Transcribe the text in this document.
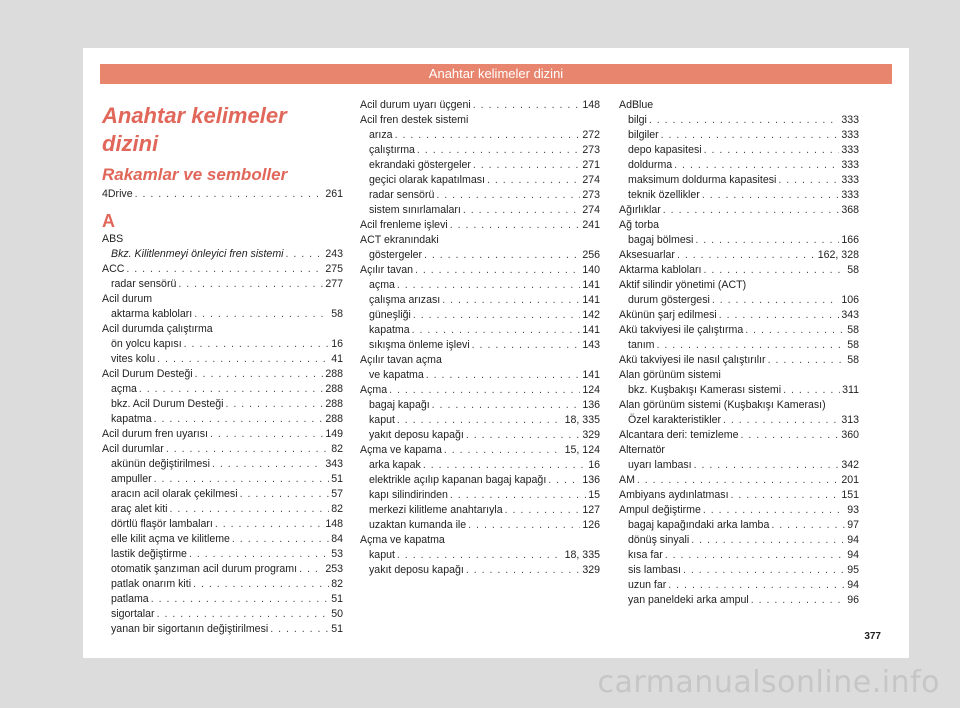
Anahtar kelimeler dizini
Anahtar kelimeler dizini
Rakamlar ve semboller
4Drive . . .	261
A
ABS
Bkz. Kilitlenmeyi önleyici fren sistemi . . .	243
ACC . . .	275
radar sensörü . . .	277
Acil durum
aktarma kabloları . . .	58
Acil durumda çalıştırma
ön yolcu kapısı . . .	16
vites kolu . . .	41
Acil Durum Desteği . . .	288
açma . . .	288
bkz. Acil Durum Desteği . . .	288
kapatma . . .	288
Acil durum fren uyarısı . . .	149
Acil durumlar . . .	82
akünün değiştirilmesi . . .	343
ampuller . . .	51
aracın acil olarak çekilmesi . . .	57
araç alet kiti . . .	82
dörtlü flaşör lambaları . . .	148
elle kilit açma ve kilitleme . . .	84
lastik değiştirme . . .	53
otomatik şanzıman acil durum programı . . .	253
patlak onarım kiti . . .	82
patlama . . .	51
sigortalar . . .	50
yanan bir sigortanın değiştirilmesi . . .	51
Acil durum uyarı üçgeni . . .	148
Acil fren destek sistemi
arıza . . .	272
çalıştırma . . .	273
ekrandaki göstergeler . . .	271
geçici olarak kapatılması . . .	274
radar sensörü . . .	273
sistem sınırlamaları . . .	274
Acil frenleme işlevi . . .	241
ACT ekranındaki
göstergeler . . .	256
Açılır tavan . . .	140
açma . . .	141
çalışma arızası . . .	141
güneşliği . . .	142
kapatma . . .	141
sıkışma önleme işlevi . . .	143
Açılır tavan açma
ve kapatma . . .	141
Açma . . .	124
bagaj kapağı . . .	136
kaput . . .	18, 335
yakıt deposu kapağı . . .	329
Açma ve kapama . . .	15, 124
arka kapak . . .	16
elektrikle açılıp kapanan bagaj kapağı . . .	136
kapı silindirinden . . .	15
merkezi kilitleme anahtarıyla . . .	127
uzaktan kumanda ile . . .	126
Açma ve kapatma
kaput . . .	18, 335
yakıt deposu kapağı . . .	329
AdBlue
bilgi . . .	333
bilgiler . . .	333
depo kapasitesi . . .	333
doldurma . . .	333
maksimum doldurma kapasitesi . . .	333
teknik özellikler . . .	333
Ağırlıklar . . .	368
Ağ torba
bagaj bölmesi . . .	166
Aksesuarlar . . .	162, 328
Aktarma kabloları . . .	58
Aktif silindir yönetimi (ACT)
durum göstergesi . . .	106
Akünün şarj edilmesi . . .	343
Akü takviyesi ile çalıştırma . . .	58
tanım . . .	58
Akü takviyesi ile nasıl çalıştırılır . . .	58
Alan görünüm sistemi
bkz. Kuşbakışı Kamerası sistemi . . .	311
Alan görünüm sistemi (Kuşbakışı Kamerası)
Özel karakteristikler . . .	313
Alcantara deri: temizleme . . .	360
Alternatör
uyarı lambası . . .	342
AM . . .	201
Ambiyans aydınlatması . . .	151
Ampul değiştirme . . .	93
bagaj kapağındaki arka lamba . . .	97
dönüş sinyali . . .	94
kısa far . . .	94
sis lambası . . .	95
uzun far . . .	94
yan paneldeki arka ampul . . .	96
377
carmanualsonline.info
